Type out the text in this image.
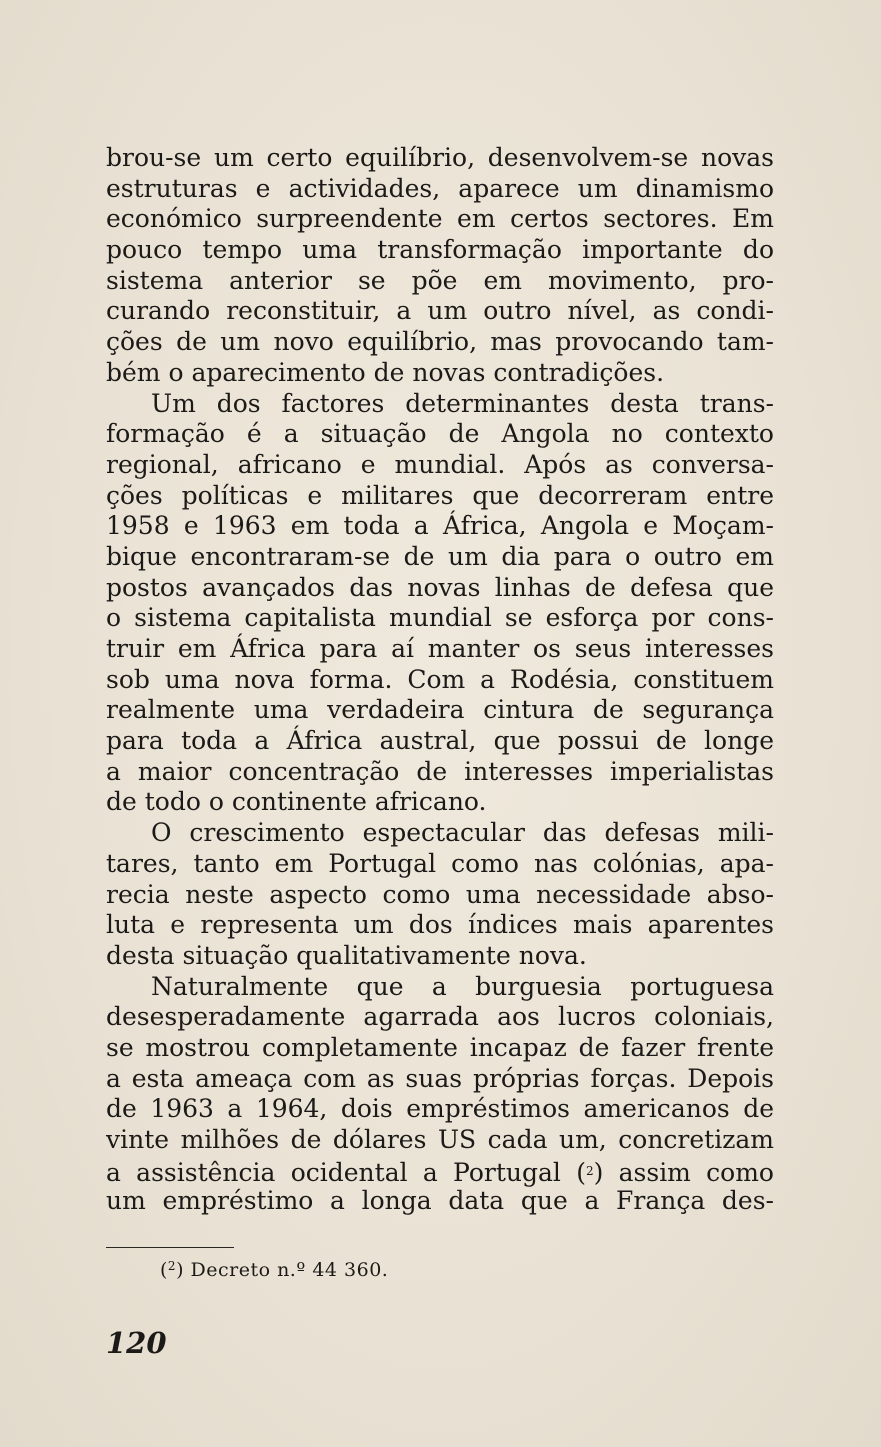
brou-se um certo equilíbrio, desenvolvem-se novas
estruturas e actividades, aparece um dinamismo
económico surpreendente em certos sectores. Em
pouco tempo uma transformação importante do
sistema anterior se põe em movimento, pro-
curando reconstituir, a um outro nível, as condi-
ções de um novo equilíbrio, mas provocando tam-
bém o aparecimento de novas contradições.
Um dos factores determinantes desta trans-
formação é a situação de Angola no contexto
regional, africano e mundial. Após as conversa-
ções políticas e militares que decorreram entre
1958 e 1963 em toda a África, Angola e Moçam-
bique encontraram-se de um dia para o outro em
postos avançados das novas linhas de defesa que
o sistema capitalista mundial se esforça por cons-
truir em África para aí manter os seus interesses
sob uma nova forma. Com a Rodésia, constituem
realmente uma verdadeira cintura de segurança
para toda a África austral, que possui de longe
a maior concentração de interesses imperialistas
de todo o continente africano.
O crescimento espectacular das defesas mili-
tares, tanto em Portugal como nas colónias, apa-
recia neste aspecto como uma necessidade abso-
luta e representa um dos índices mais aparentes
desta situação qualitativamente nova.
Naturalmente que a burguesia portuguesa
desesperadamente agarrada aos lucros coloniais,
se mostrou completamente incapaz de fazer frente
a esta ameaça com as suas próprias forças. Depois
de 1963 a 1964, dois empréstimos americanos de
vinte milhões de dólares US cada um, concretizam
a assistência ocidental a Portugal ($^2$) assim como
um empréstimo a longa data que a França des-
($^2$) Decreto n.º 44 360.
120
